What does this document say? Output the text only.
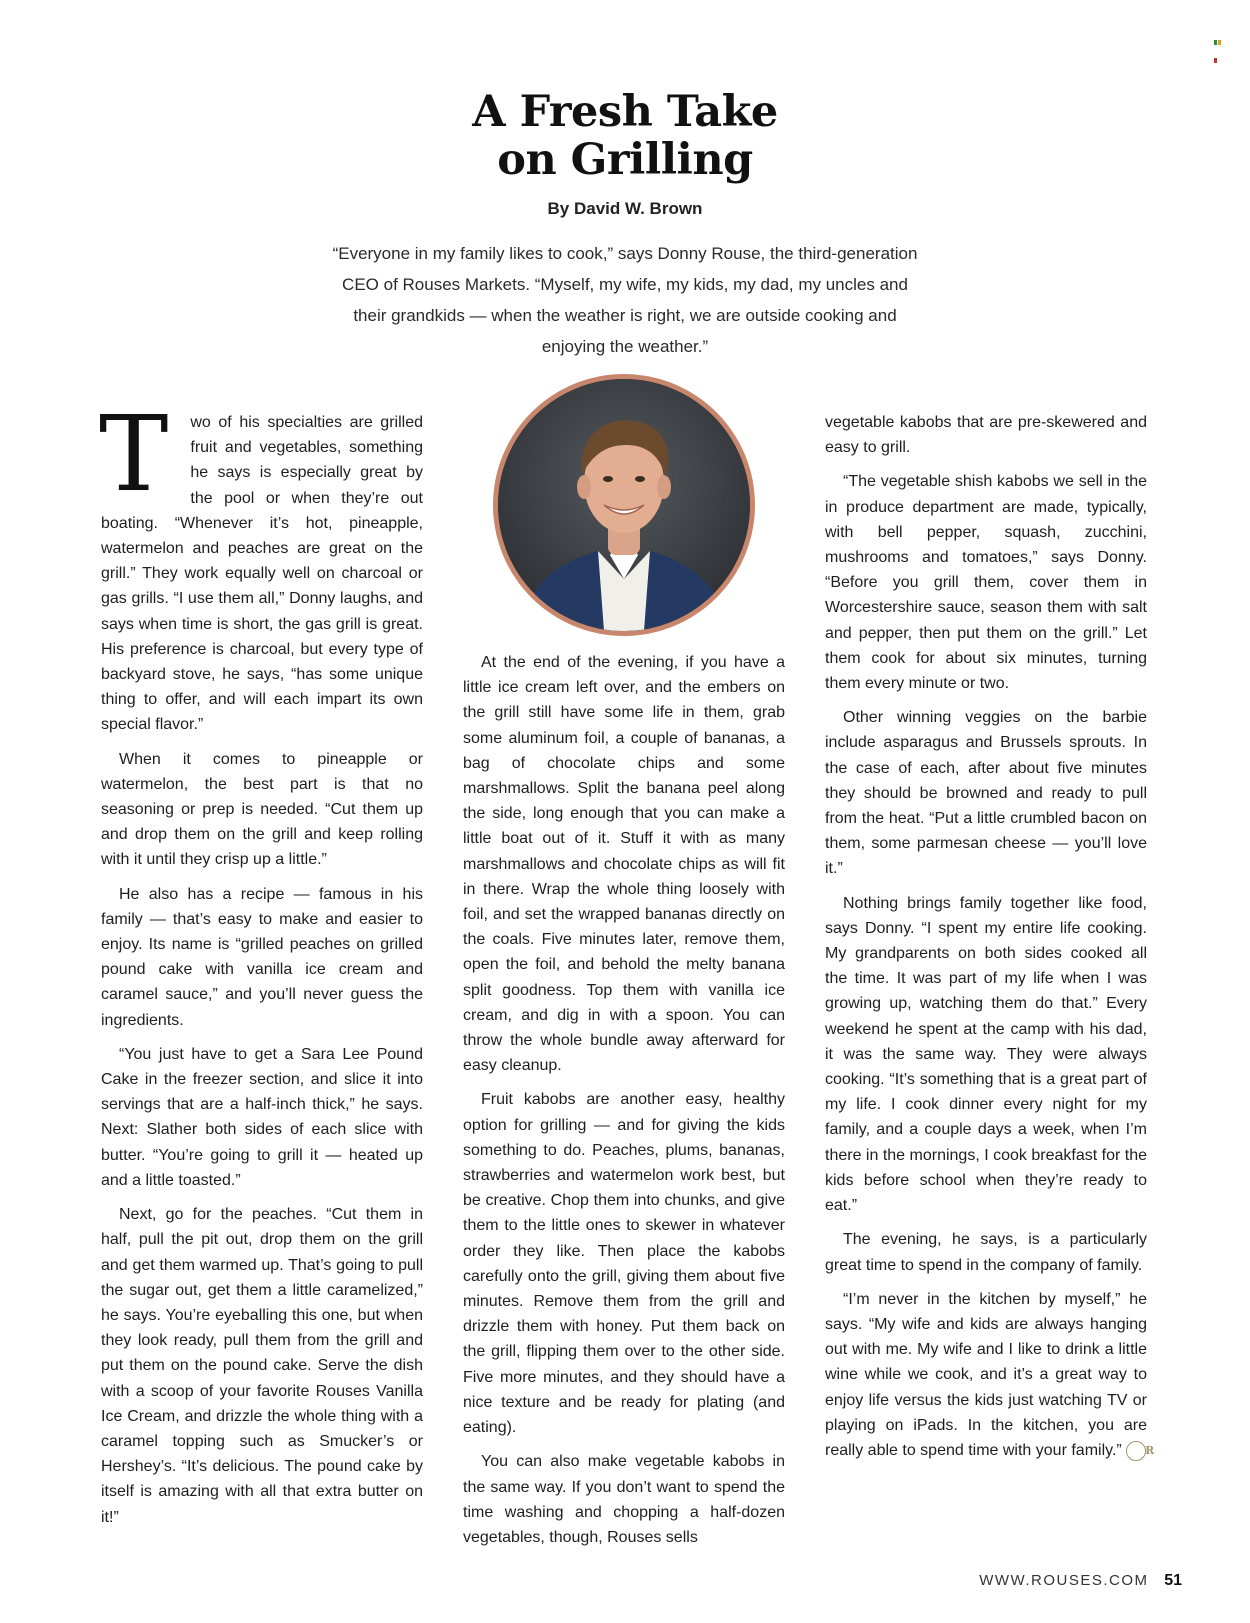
A Fresh Take
on Grilling
By David W. Brown
“Everyone in my family likes to cook,” says Donny Rouse, the third-generation CEO of Rouses Markets. “Myself, my wife, my kids, my dad, my uncles and their grandkids — when the weather is right, we are outside cooking and enjoying the weather.”

T wo of his specialties are grilled fruit and vegetables, something he says is especially great by the pool or when they’re out boating. “Whenever it’s hot, pineapple, watermelon and peaches are great on the grill.” They work equally well on charcoal or gas grills. “I use them all,” Donny laughs, and says when time is short, the gas grill is great. His preference is charcoal, but every type of backyard stove, he says, “has some unique thing to offer, and will each impart its own special flavor.”

When it comes to pineapple or watermelon, the best part is that no seasoning or prep is needed. “Cut them up and drop them on the grill and keep rolling with it until they crisp up a little.”

He also has a recipe — famous in his family — that’s easy to make and easier to enjoy. Its name is “grilled peaches on grilled pound cake with vanilla ice cream and caramel sauce,” and you’ll never guess the ingredients.

“You just have to get a Sara Lee Pound Cake in the freezer section, and slice it into servings that are a half-inch thick,” he says. Next: Slather both sides of each slice with butter. “You’re going to grill it — heated up and a little toasted.”

Next, go for the peaches. “Cut them in half, pull the pit out, drop them on the grill and get them warmed up. That’s going to pull the sugar out, get them a little caramelized,” he says. You’re eyeballing this one, but when they look ready, pull them from the grill and put them on the pound cake. Serve the dish with a scoop of your favorite Rouses Vanilla Ice Cream, and drizzle the whole thing with a caramel topping such as Smucker’s or Hershey’s. “It’s delicious. The pound cake by itself is amazing with all that extra butter on it!”

At the end of the evening, if you have a little ice cream left over, and the embers on the grill still have some life in them, grab some aluminum foil, a couple of bananas, a bag of chocolate chips and some marshmallows. Split the banana peel along the side, long enough that you can make a little boat out of it. Stuff it with as many marshmallows and chocolate chips as will fit in there. Wrap the whole thing loosely with foil, and set the wrapped bananas directly on the coals. Five minutes later, remove them, open the foil, and behold the melty banana split goodness. Top them with vanilla ice cream, and dig in with a spoon. You can throw the whole bundle away afterward for easy cleanup.

Fruit kabobs are another easy, healthy option for grilling — and for giving the kids something to do. Peaches, plums, bananas, strawberries and watermelon work best, but be creative. Chop them into chunks, and give them to the little ones to skewer in whatever order they like. Then place the kabobs carefully onto the grill, giving them about five minutes. Remove them from the grill and drizzle them with honey. Put them back on the grill, flipping them over to the other side. Five more minutes, and they should have a nice texture and be ready for plating (and eating).

You can also make vegetable kabobs in the same way. If you don’t want to spend the time washing and chopping a half-dozen vegetables, though, Rouses sells

vegetable kabobs that are pre-skewered and easy to grill.

“The vegetable shish kabobs we sell in the in produce department are made, typically, with bell pepper, squash, zucchini, mushrooms and tomatoes,” says Donny. “Before you grill them, cover them in Worcestershire sauce, season them with salt and pepper, then put them on the grill.” Let them cook for about six minutes, turning them every minute or two.

Other winning veggies on the barbie include asparagus and Brussels sprouts. In the case of each, after about five minutes they should be browned and ready to pull from the heat. “Put a little crumbled bacon on them, some parmesan cheese — you’ll love it.”

Nothing brings family together like food, says Donny. “I spent my entire life cooking. My grandparents on both sides cooked all the time. It was part of my life when I was growing up, watching them do that.” Every weekend he spent at the camp with his dad, it was the same way. They were always cooking. “It’s something that is a great part of my life. I cook dinner every night for my family, and a couple days a week, when I’m there in the mornings, I cook breakfast for the kids before school when they’re ready to eat.”

The evening, he says, is a particularly great time to spend in the company of family.

“I’m never in the kitchen by myself,” he says. “My wife and kids are always hanging out with me. My wife and I like to drink a little wine while we cook, and it’s a great way to enjoy life versus the kids just watching TV or playing on iPads. In the kitchen, you are really able to spend time with your family.” R

WWW.ROUSES.COM 51
